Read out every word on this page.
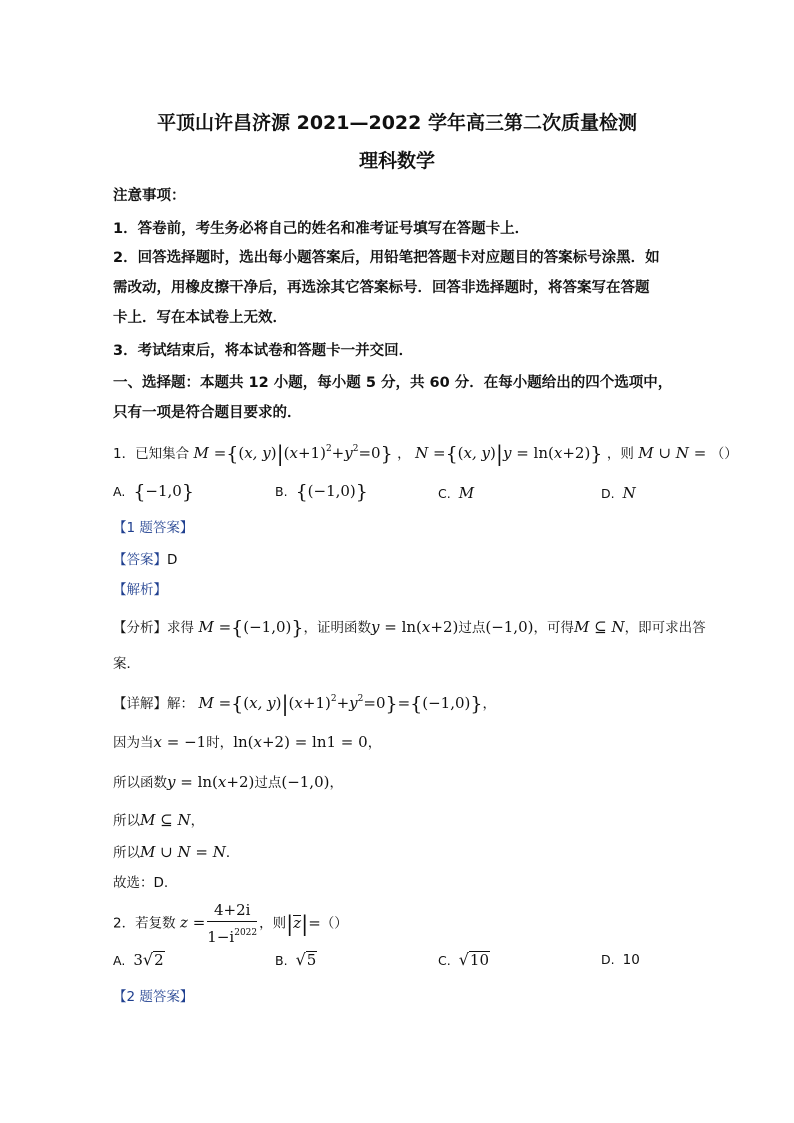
平顶山许昌济源 2021—2022 学年高三第二次质量检测
理科数学
注意事项：
1．答卷前，考生务必将自己的姓名和准考证号填写在答题卡上．
2．回答选择题时，选出每小题答案后，用铅笔把答题卡对应题目的答案标号涂黑．如
需改动，用橡皮擦干净后，再选涂其它答案标号．回答非选择题时，将答案写在答题
卡上．写在本试卷上无效．
3．考试结束后，将本试卷和答题卡一并交回．
一、选择题：本题共 12 小题，每小题 5 分，共 60 分．在每小题给出的四个选项中，
只有一项是符合题目要求的．
1．已知集合 M ={(x, $y)|(x+1)^2+y^2=0$} ， N ={(x, y)|y = ln(x+2)} ，则 M ∪ N = （）
A. {−1,0}	B. {(−1,0)}	C. M	D. N
【1 题答案】
【答案】D
【解析】
【分析】求得 M ={(−1,0)}，证明函数y = ln(x+2)过点(−1,0)，可得M ⊆ N，即可求出答
案．
【详解】解： M ={(x, $y)|(x+1)^2+y^2=0\}=\{(-1,0)\}$，
因为当x = −1时，ln(x+2) = ln1 = 0，
所以函数y = ln(x+2)过点(−1,0)，
所以M ⊆ N，
所以M ∪ N = N．
故选：D.
2．若复数 $z = \frac{4+2i}{1-i^{2022}}$ ，则|z|=（）
A. 3√2	B. √5	C. √10	D. 10
【2 题答案】
